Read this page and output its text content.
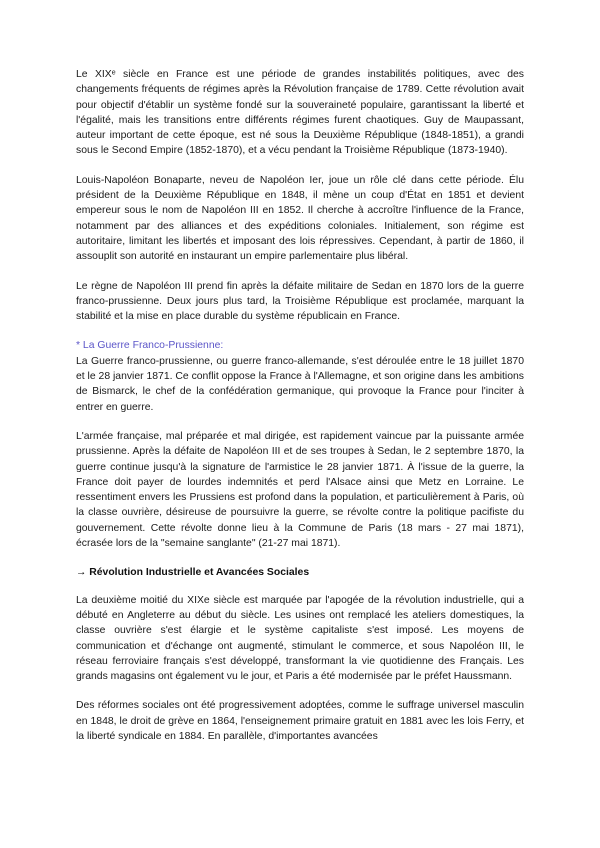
Le XIXᵉ siècle en France est une période de grandes instabilités politiques, avec des changements fréquents de régimes après la Révolution française de 1789. Cette révolution avait pour objectif d'établir un système fondé sur la souveraineté populaire, garantissant la liberté et l'égalité, mais les transitions entre différents régimes furent chaotiques. Guy de Maupassant, auteur important de cette époque, est né sous la Deuxième République (1848-1851), a grandi sous le Second Empire (1852-1870), et a vécu pendant la Troisième République (1873-1940).

Louis-Napoléon Bonaparte, neveu de Napoléon Ier, joue un rôle clé dans cette période. Élu président de la Deuxième République en 1848, il mène un coup d'État en 1851 et devient empereur sous le nom de Napoléon III en 1852. Il cherche à accroître l'influence de la France, notamment par des alliances et des expéditions coloniales. Initialement, son régime est autoritaire, limitant les libertés et imposant des lois répressives. Cependant, à partir de 1860, il assouplit son autorité en instaurant un empire parlementaire plus libéral.

Le règne de Napoléon III prend fin après la défaite militaire de Sedan en 1870 lors de la guerre franco-prussienne. Deux jours plus tard, la Troisième République est proclamée, marquant la stabilité et la mise en place durable du système républicain en France.

* La Guerre Franco-Prussienne:

La Guerre franco-prussienne, ou guerre franco-allemande, s'est déroulée entre le 18 juillet 1870 et le 28 janvier 1871. Ce conflit oppose la France à l'Allemagne, et son origine dans les ambitions de Bismarck, le chef de la confédération germanique, qui provoque la France pour l'inciter à entrer en guerre.

L'armée française, mal préparée et mal dirigée, est rapidement vaincue par la puissante armée prussienne. Après la défaite de Napoléon III et de ses troupes à Sedan, le 2 septembre 1870, la guerre continue jusqu'à la signature de l'armistice le 28 janvier 1871. À l'issue de la guerre, la France doit payer de lourdes indemnités et perd l'Alsace ainsi que Metz en Lorraine. Le ressentiment envers les Prussiens est profond dans la population, et particulièrement à Paris, où la classe ouvrière, désireuse de poursuivre la guerre, se révolte contre la politique pacifiste du gouvernement. Cette révolte donne lieu à la Commune de Paris (18 mars - 27 mai 1871), écrasée lors de la "semaine sanglante" (21-27 mai 1871).

→ Révolution Industrielle et Avancées Sociales

La deuxième moitié du XIXe siècle est marquée par l'apogée de la révolution industrielle, qui a débuté en Angleterre au début du siècle. Les usines ont remplacé les ateliers domestiques, la classe ouvrière s'est élargie et le système capitaliste s'est imposé. Les moyens de communication et d'échange ont augmenté, stimulant le commerce, et sous Napoléon III, le réseau ferroviaire français s'est développé, transformant la vie quotidienne des Français. Les grands magasins ont également vu le jour, et Paris a été modernisée par le préfet Haussmann.

Des réformes sociales ont été progressivement adoptées, comme le suffrage universel masculin en 1848, le droit de grève en 1864, l'enseignement primaire gratuit en 1881 avec les lois Ferry, et la liberté syndicale en 1884. En parallèle, d'importantes avancées
